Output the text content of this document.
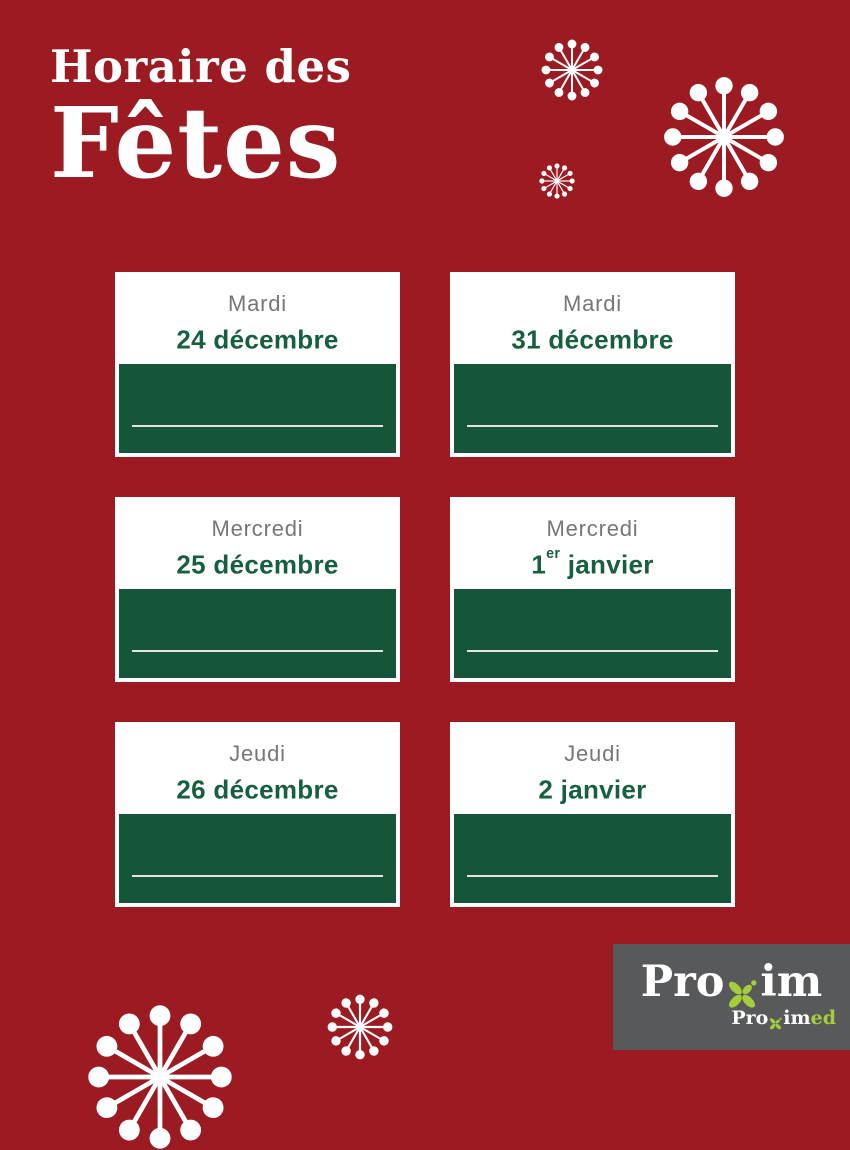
Horaire des
Fêtes
Mardi
24 décembre
Mardi
31 décembre
Mercredi
25 décembre
Mercredi
1er janvier
Jeudi
26 décembre
Jeudi
2 janvier
Pro im
Pro im ed
